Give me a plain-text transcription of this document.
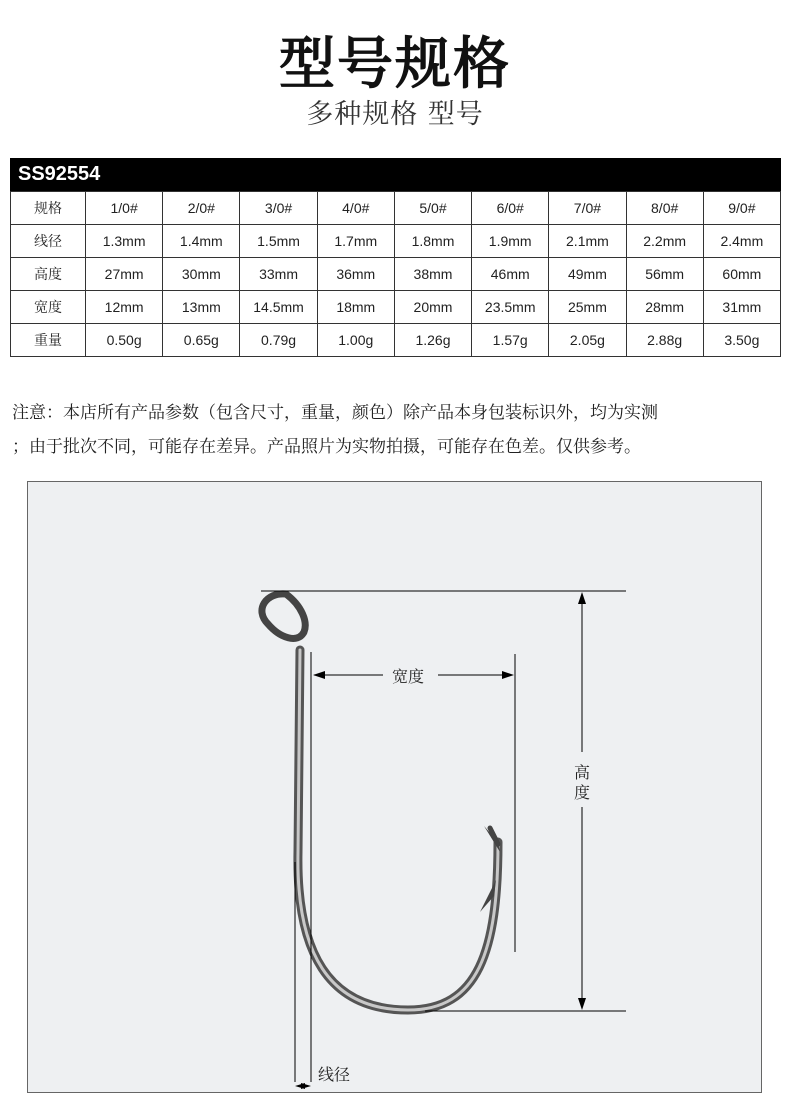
型号规格
多种规格 型号
SS92554
规格	1/0#	2/0#	3/0#	4/0#	5/0#	6/0#	7/0#	8/0#	9/0#
线径	1.3mm	1.4mm	1.5mm	1.7mm	1.8mm	1.9mm	2.1mm	2.2mm	2.4mm
高度	27mm	30mm	33mm	36mm	38mm	46mm	49mm	56mm	60mm
宽度	12mm	13mm	14.5mm	18mm	20mm	23.5mm	25mm	28mm	31mm
重量	0.50g	0.65g	0.79g	1.00g	1.26g	1.57g	2.05g	2.88g	3.50g
注意：本店所有产品参数（包含尺寸，重量，颜色）除产品本身包装标识外，均为实测
；由于批次不同，可能存在差异。产品照片为实物拍摄，可能存在色差。仅供参考。
宽度
高
度
线径
